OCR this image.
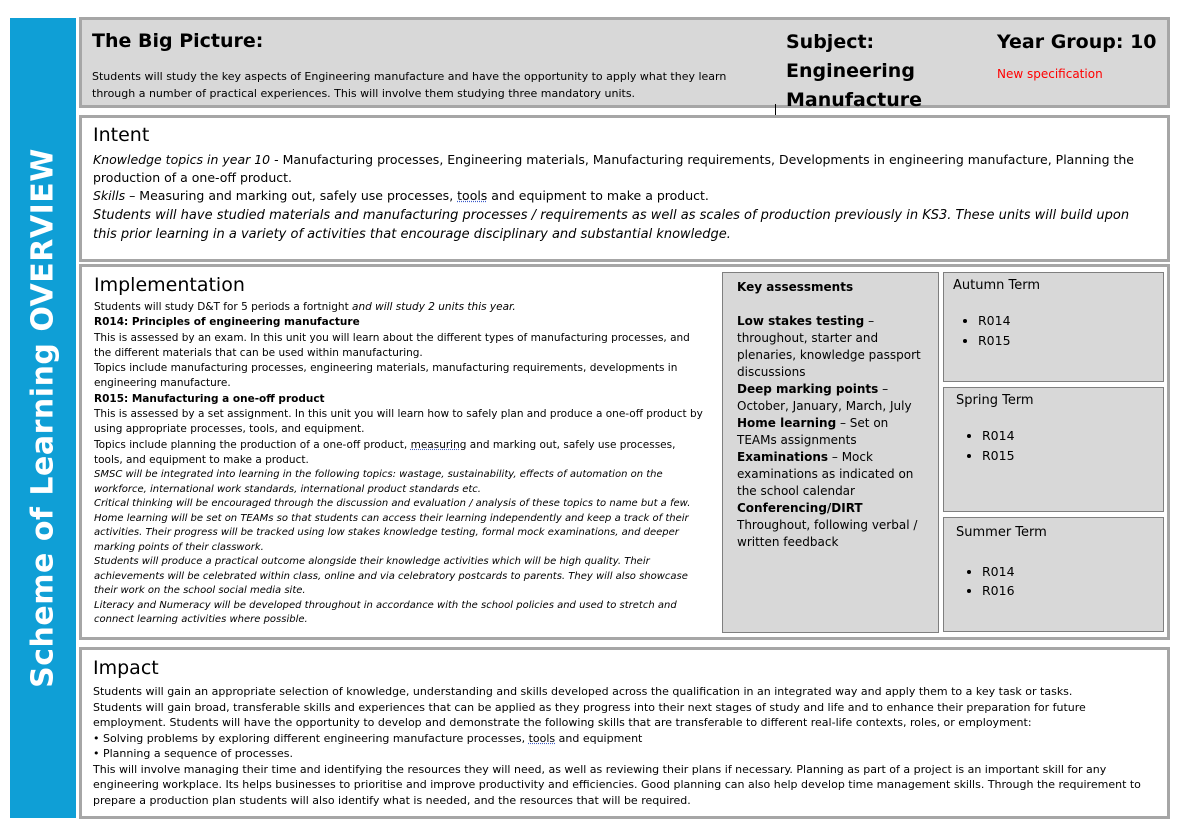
Scheme of Learning OVERVIEW
The Big Picture:
Students will study the key aspects of Engineering manufacture and have the opportunity to apply what they learn through a number of practical experiences. This will involve them studying three mandatory units.
Subject: Engineering Manufacture
Year Group: 10
New specification
Intent

Knowledge topics in year 10 - Manufacturing processes, Engineering materials, Manufacturing requirements, Developments in engineering manufacture, Planning the production of a one-off product.

Skills – Measuring and marking out, safely use processes, tools and equipment to make a product.

Students will have studied materials and manufacturing processes / requirements as well as scales of production previously in KS3. These units will build upon this prior learning in a variety of activities that encourage disciplinary and substantial knowledge.

Implementation

Students will study D&T for 5 periods a fortnight and will study 2 units this year.

R014: Principles of engineering manufacture

This is assessed by an exam. In this unit you will learn about the different types of manufacturing processes, and the different materials that can be used within manufacturing.

Topics include manufacturing processes, engineering materials, manufacturing requirements, developments in engineering manufacture.

R015: Manufacturing a one-off product

This is assessed by a set assignment. In this unit you will learn how to safely plan and produce a one-off product by using appropriate processes, tools, and equipment.

Topics include planning the production of a one-off product, measuring and marking out, safely use processes, tools, and equipment to make a product.

SMSC will be integrated into learning in the following topics: wastage, sustainability, effects of automation on the workforce, international work standards, international product standards etc.

Critical thinking will be encouraged through the discussion and evaluation / analysis of these topics to name but a few.

Home learning will be set on TEAMs so that students can access their learning independently and keep a track of their activities. Their progress will be tracked using low stakes knowledge testing, formal mock examinations, and deeper marking points of their classwork.

Students will produce a practical outcome alongside their knowledge activities which will be high quality. Their achievements will be celebrated within class, online and via celebratory postcards to parents. They will also showcase their work on the school social media site.

Literacy and Numeracy will be developed throughout in accordance with the school policies and used to stretch and connect learning activities where possible.

Key assessments

Low stakes testing – throughout, starter and plenaries, knowledge passport discussions

Deep marking points – October, January, March, July

Home learning – Set on TEAMs assignments

Examinations – Mock examinations as indicated on the school calendar

Conferencing/DIRT

Throughout, following verbal / written feedback

Autumn Term
• R014
• R015
Spring Term
• R014
• R015
Summer Term
• R014
• R016
Impact

Students will gain an appropriate selection of knowledge, understanding and skills developed across the qualification in an integrated way and apply them to a key task or tasks.

Students will gain broad, transferable skills and experiences that can be applied as they progress into their next stages of study and life and to enhance their preparation for future employment. Students will have the opportunity to develop and demonstrate the following skills that are transferable to different real-life contexts, roles, or employment:

• Solving problems by exploring different engineering manufacture processes, tools and equipment

• Planning a sequence of processes.

This will involve managing their time and identifying the resources they will need, as well as reviewing their plans if necessary. Planning as part of a project is an important skill for any engineering workplace. Its helps businesses to prioritise and improve productivity and efficiencies. Good planning can also help develop time management skills. Through the requirement to prepare a production plan students will also identify what is needed, and the resources that will be required.
